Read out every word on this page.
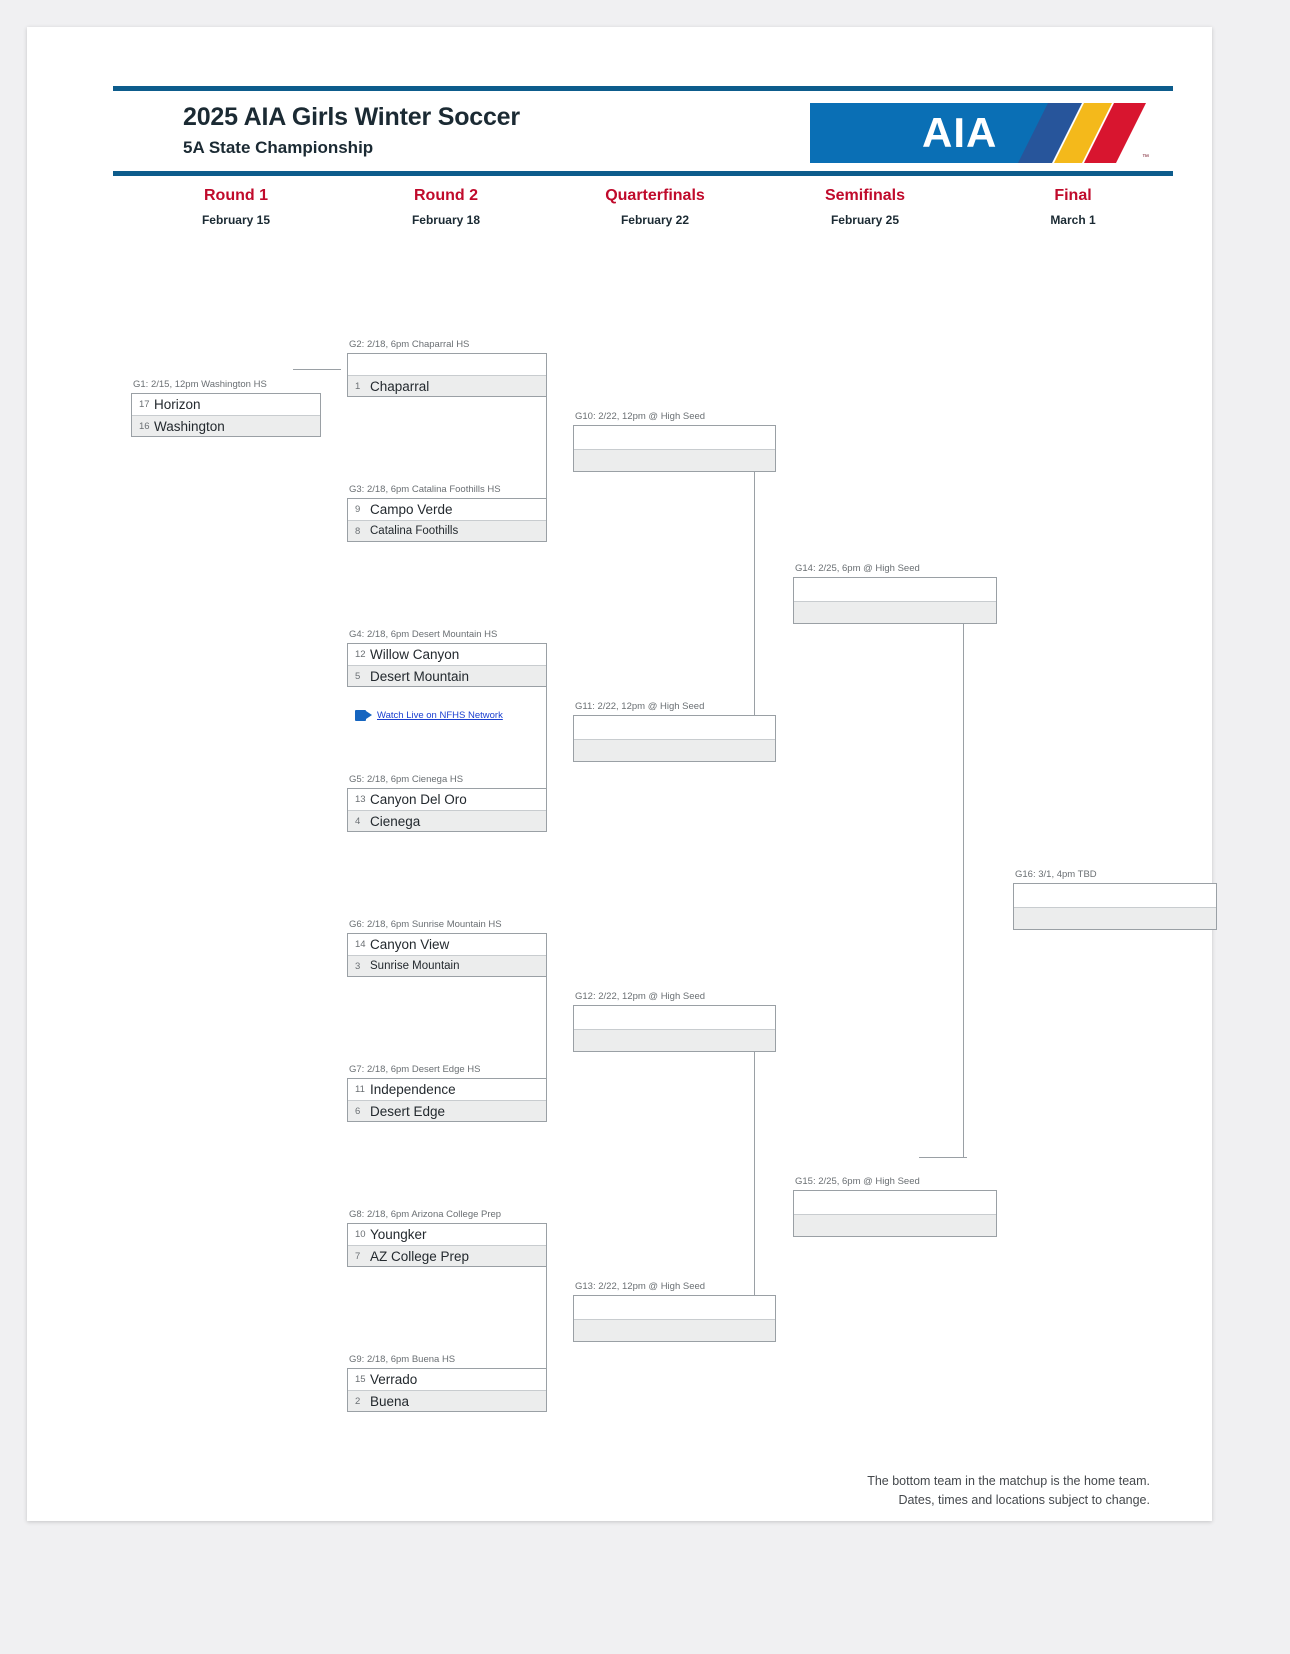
2025 AIA Girls Winter Soccer
5A State Championship	AIA
™
Round 1
February 15
Round 2
February 18
Quarterfinals
February 22
Semifinals
February 25
Final
March 1
G1: 2/15, 12pm Washington HS
17 Horizon
16 Washington
G2: 2/18, 6pm Chaparral HS
1 Chaparral
G3: 2/18, 6pm Catalina Foothills HS
9 Campo Verde
8 Catalina Foothills
G4: 2/18, 6pm Desert Mountain HS
12 Willow Canyon
5 Desert Mountain
Watch Live on NFHS Network
G5: 2/18, 6pm Cienega HS
13 Canyon Del Oro
4 Cienega
G6: 2/18, 6pm Sunrise Mountain HS
14 Canyon View
3 Sunrise Mountain
G7: 2/18, 6pm Desert Edge HS
11 Independence
6 Desert Edge
G8: 2/18, 6pm Arizona College Prep
10 Youngker
7 AZ College Prep
G9: 2/18, 6pm Buena HS
15 Verrado
2 Buena
G10: 2/22, 12pm @ High Seed
G11: 2/22, 12pm @ High Seed
G12: 2/22, 12pm @ High Seed
G13: 2/22, 12pm @ High Seed
G14: 2/25, 6pm @ High Seed
G15: 2/25, 6pm @ High Seed
G16: 3/1, 4pm TBD
The bottom team in the matchup is the home team.
Dates, times and locations subject to change.
